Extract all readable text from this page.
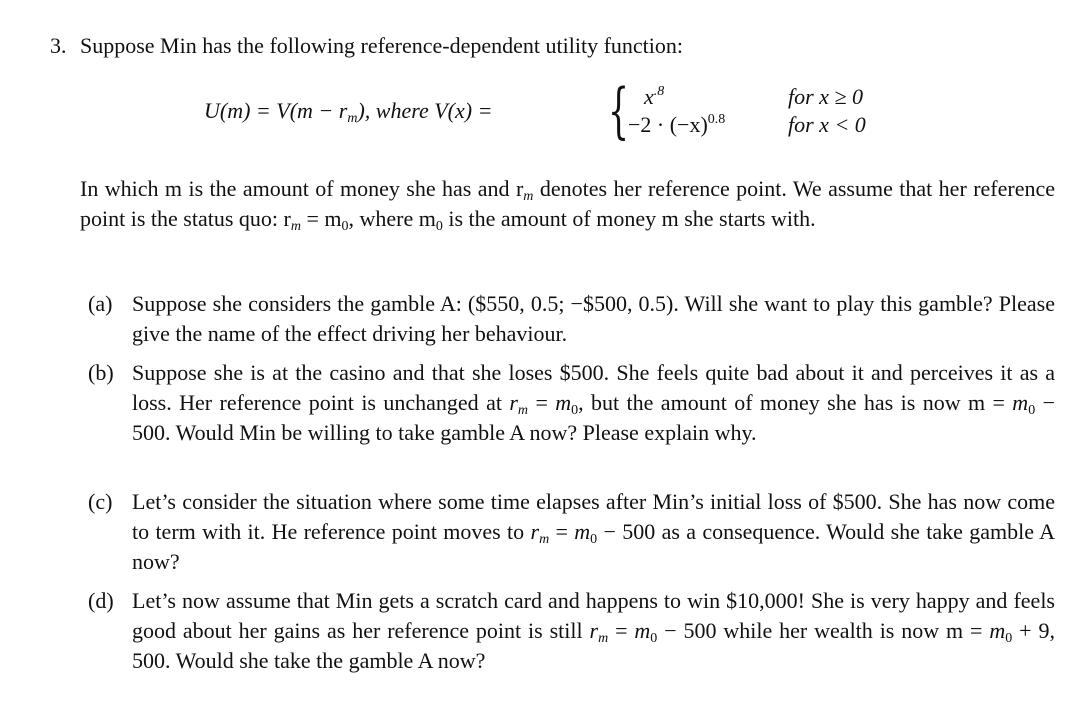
3. Suppose Min has the following reference-dependent utility function:
$U(m) = V(m - r_m)$, where V(x) = { $x^{.8}$	for x ≥ 0
$-2 \cdot (-x)^{0.8}$	for x < 0
In which m is the amount of money she has and $r_m$ denotes her reference point. We assume that her reference point is the status quo: $r_m = m_0$, where $m_0$ is the amount of money m she starts with.
(a) Suppose she considers the gamble A: ($550, 0.5; −$500, 0.5). Will she want to play this gamble? Please give the name of the effect driving her behaviour.
(b) Suppose she is at the casino and that she loses $500. She feels quite bad about it and perceives it as a loss. Her reference point is unchanged at $r_m = m_0$, but the amount of money she has is now $m = m_0 - 500$. Would Min be willing to take gamble A now? Please explain why.
(c) Let’s consider the situation where some time elapses after Min’s initial loss of $500. She has now come to term with it. He reference point moves to $r_m = m_0 - 500$ as a consequence. Would she take gamble A now?
(d) Let’s now assume that Min gets a scratch card and happens to win $10,000! She is very happy and feels good about her gains as her reference point is still $r_m = m_0 - 500$ while her wealth is now $m = m_0 + 9$, 500. Would she take the gamble A now?
